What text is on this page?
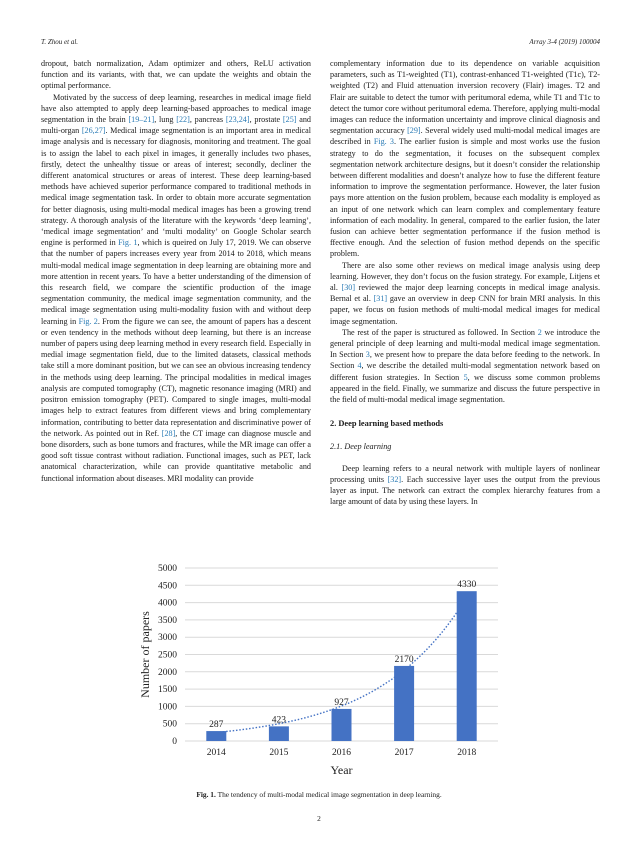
T. Zhou et al.	Array 3-4 (2019) 100004

dropout, batch normalization, Adam optimizer and others, ReLU activation function and its variants, with that, we can update the weights and obtain the optimal performance.

Motivated by the success of deep learning, researches in medical image field have also attempted to apply deep learning-based approaches to medical image segmentation in the brain [19–21], lung [22], pancreas [23,24], prostate [25] and multi-organ [26,27]. Medical image segmentation is an important area in medical image analysis and is necessary for diagnosis, monitoring and treatment. The goal is to assign the label to each pixel in images, it generally includes two phases, firstly, detect the unhealthy tissue or areas of interest; secondly, decliner the different anatomical structures or areas of interest. These deep learning-based methods have achieved superior performance compared to traditional methods in medical image segmentation task. In order to obtain more accurate segmentation for better diagnosis, using multi-modal medical images has been a growing trend strategy. A thorough analysis of the literature with the keywords ‘deep learning’, ‘medical image segmentation’ and ‘multi modality’ on Google Scholar search engine is performed in Fig. 1, which is queired on July 17, 2019. We can observe that the number of papers increases every year from 2014 to 2018, which means multi-modal medical image segmentation in deep learning are obtaining more and more attention in recent years. To have a better understanding of the dimension of this research field, we compare the scientific production of the image segmentation community, the medical image segmentation community, and the medical image segmentation using multi-modality fusion with and without deep learning in Fig. 2. From the figure we can see, the amount of papers has a descent or even tendency in the methods without deep learning, but there is an increase number of papers using deep learning method in every research field. Especially in medial image segmentation field, due to the limited datasets, classical methods take still a more dominant position, but we can see an obvious increasing tendency in the methods using deep learning. The principal modalities in medical images analysis are computed tomography (CT), magnetic resonance imaging (MRI) and positron emission tomography (PET). Compared to single images, multi-modal images help to extract features from different views and bring complementary information, contributing to better data representation and discriminative power of the network. As pointed out in Ref. [28], the CT image can diagnose muscle and bone disorders, such as bone tumors and fractures, while the MR image can offer a good soft tissue contrast without radiation. Functional images, such as PET, lack anatomical characterization, while can provide quantitative metabolic and functional information about diseases. MRI modality can provide

complementary information due to its dependence on variable acquisition parameters, such as T1-weighted (T1), contrast-enhanced T1-weighted (T1c), T2-weighted (T2) and Fluid attenuation inversion recovery (Flair) images. T2 and Flair are suitable to detect the tumor with peritumoral edema, while T1 and T1c to detect the tumor core without peritumoral edema. Therefore, applying multi-modal images can reduce the information uncertainty and improve clinical diagnosis and segmentation accuracy [29]. Several widely used multi-modal medical images are described in Fig. 3. The earlier fusion is simple and most works use the fusion strategy to do the segmentation, it focuses on the subsequent complex segmentation network architecture designs, but it doesn’t consider the relationship between different modalities and doesn’t analyze how to fuse the different feature information to improve the segmentation performance. However, the later fusion pays more attention on the fusion problem, because each modality is employed as an input of one network which can learn complex and complementary feature information of each modality. In general, compared to the earlier fusion, the later fusion can achieve better segmentation performance if the fusion method is ffective enough. And the selection of fusion method depends on the specific problem.

There are also some other reviews on medical image analysis using deep learning. However, they don’t focus on the fusion strategy. For example, Litjens et al. [30] reviewed the major deep learning concepts in medical image analysis. Bernal et al. [31] gave an overview in deep CNN for brain MRI analysis. In this paper, we focus on fusion methods of multi-modal medical images for medical image segmentation.

The rest of the paper is structured as followed. In Section 2 we introduce the general principle of deep learning and multi-modal medical image segmentation. In Section 3, we present how to prepare the data before feeding to the network. In Section 4, we describe the detailed multi-modal segmentation network based on different fusion strategies. In Section 5, we discuss some common problems appeared in the field. Finally, we summarize and discuss the future perspective in the field of multi-modal medical image segmentation.

2. Deep learning based methods
2.1. Deep learning

Deep learning refers to a neural network with multiple layers of nonlinear processing units [32]. Each successive layer uses the output from the previous layer as input. The network can extract the complex hierarchy features from a large amount of data by using these layers. In

0
500
1000
1500
2000
2500
3000
3500
4000
4500
5000
287
2014
423
2015
927
2016
2170
2017
4330
2018
Year
Number of papers
Fig. 1. The tendency of multi-modal medical image segmentation in deep learning.
2
